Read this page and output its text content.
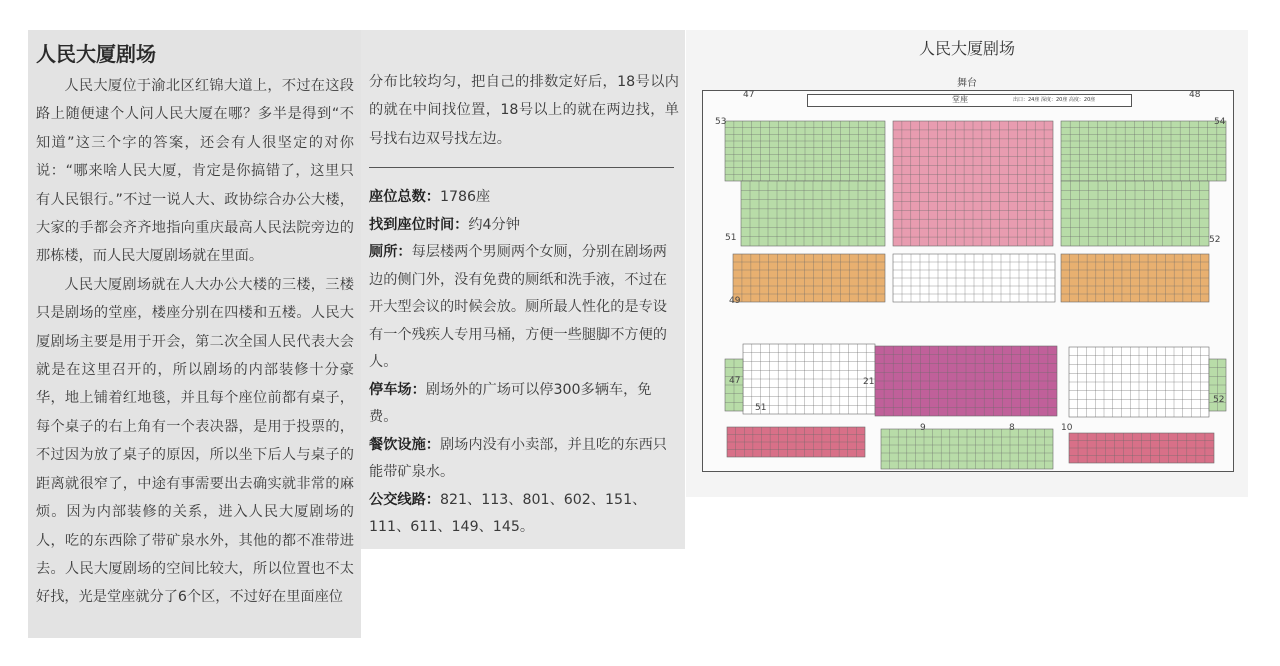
人民大厦剧场

人民大厦位于渝北区红锦大道上，不过在这段路上随便逮个人问人民大厦在哪？多半是得到“不知道”这三个字的答案，还会有人很坚定的对你说：“哪来啥人民大厦，肯定是你搞错了，这里只有人民银行。”不过一说人大、政协综合办公大楼，大家的手都会齐齐地指向重庆最高人民法院旁边的那栋楼，而人民大厦剧场就在里面。

人民大厦剧场就在人大办公大楼的三楼，三楼只是剧场的堂座，楼座分别在四楼和五楼。人民大厦剧场主要是用于开会，第二次全国人民代表大会就是在这里召开的，所以剧场的内部装修十分豪华，地上铺着红地毯，并且每个座位前都有桌子，每个桌子的右上角有一个表决器，是用于投票的，不过因为放了桌子的原因，所以坐下后人与桌子的距离就很窄了，中途有事需要出去确实就非常的麻烦。因为内部装修的关系，进入人民大厦剧场的人，吃的东西除了带矿泉水外，其他的都不准带进去。人民大厦剧场的空间比较大，所以位置也不太好找，光是堂座就分了6个区，不过好在里面座位

分布比较均匀，把自己的排数定好后，18号以内的就在中间找位置，18号以上的就在两边找，单号找右边双号找左边。

座位总数：1786座

找到座位时间：约4分钟

厕所：每层楼两个男厕两个女厕，分别在剧场两边的侧门外，没有免费的厕纸和洗手液，不过在开大型会议的时候会放。厕所最人性化的是专设有一个残疾人专用马桶，方便一些腿脚不方便的人。

停车场：剧场外的广场可以停300多辆车，免费。

餐饮设施：剧场内没有小卖部，并且吃的东西只能带矿泉水。

公交线路：821、113、801、602、151、111、611、149、145。

人民大厦剧场
舞台
堂座	出口：24座 深度：20座 高度：20座
47	48
53	54
51	52
49
21
47
51
9	8	10
52
